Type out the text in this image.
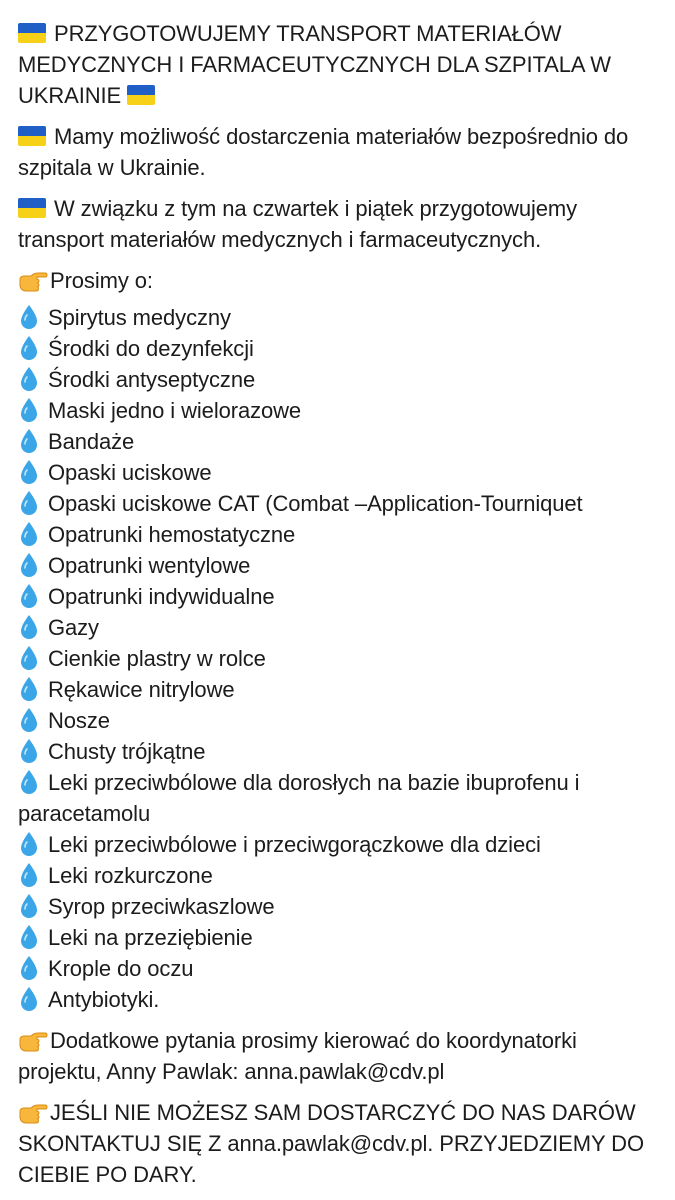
PRZYGOTOWUJEMY TRANSPORT MATERIAŁÓW MEDYCZNYCH I FARMACEUTYCZNYCH DLA SZPITALA W UKRAINIE

Mamy możliwość dostarczenia materiałów bezpośrednio do szpitala w Ukrainie.

W związku z tym na czwartek i piątek przygotowujemy transport materiałów medycznych i farmaceutycznych.

Prosimy o:

Spirytus medyczny
Środki do dezynfekcji
Środki antyseptyczne
Maski jedno i wielorazowe
Bandaże
Opaski uciskowe
Opaski uciskowe CAT (Combat –Application-Tourniquet
Opatrunki hemostatyczne
Opatrunki wentylowe
Opatrunki indywidualne
Gazy
Cienkie plastry w rolce
Rękawice nitrylowe
Nosze
Chusty trójkątne
Leki przeciwbólowe dla dorosłych na bazie ibuprofenu i paracetamolu
Leki przeciwbólowe i przeciwgorączkowe dla dzieci
Leki rozkurczone
Syrop przeciwkaszlowe
Leki na przeziębienie
Krople do oczu
Antybiotyki.

Dodatkowe pytania prosimy kierować do koordynatorki projektu, Anny Pawlak: anna.pawlak@cdv.pl

JEŚLI NIE MOŻESZ SAM DOSTARCZYĆ DO NAS DARÓW SKONTAKTUJ SIĘ Z anna.pawlak@cdv.pl. PRZYJEDZIEMY DO CIEBIE PO DARY.
